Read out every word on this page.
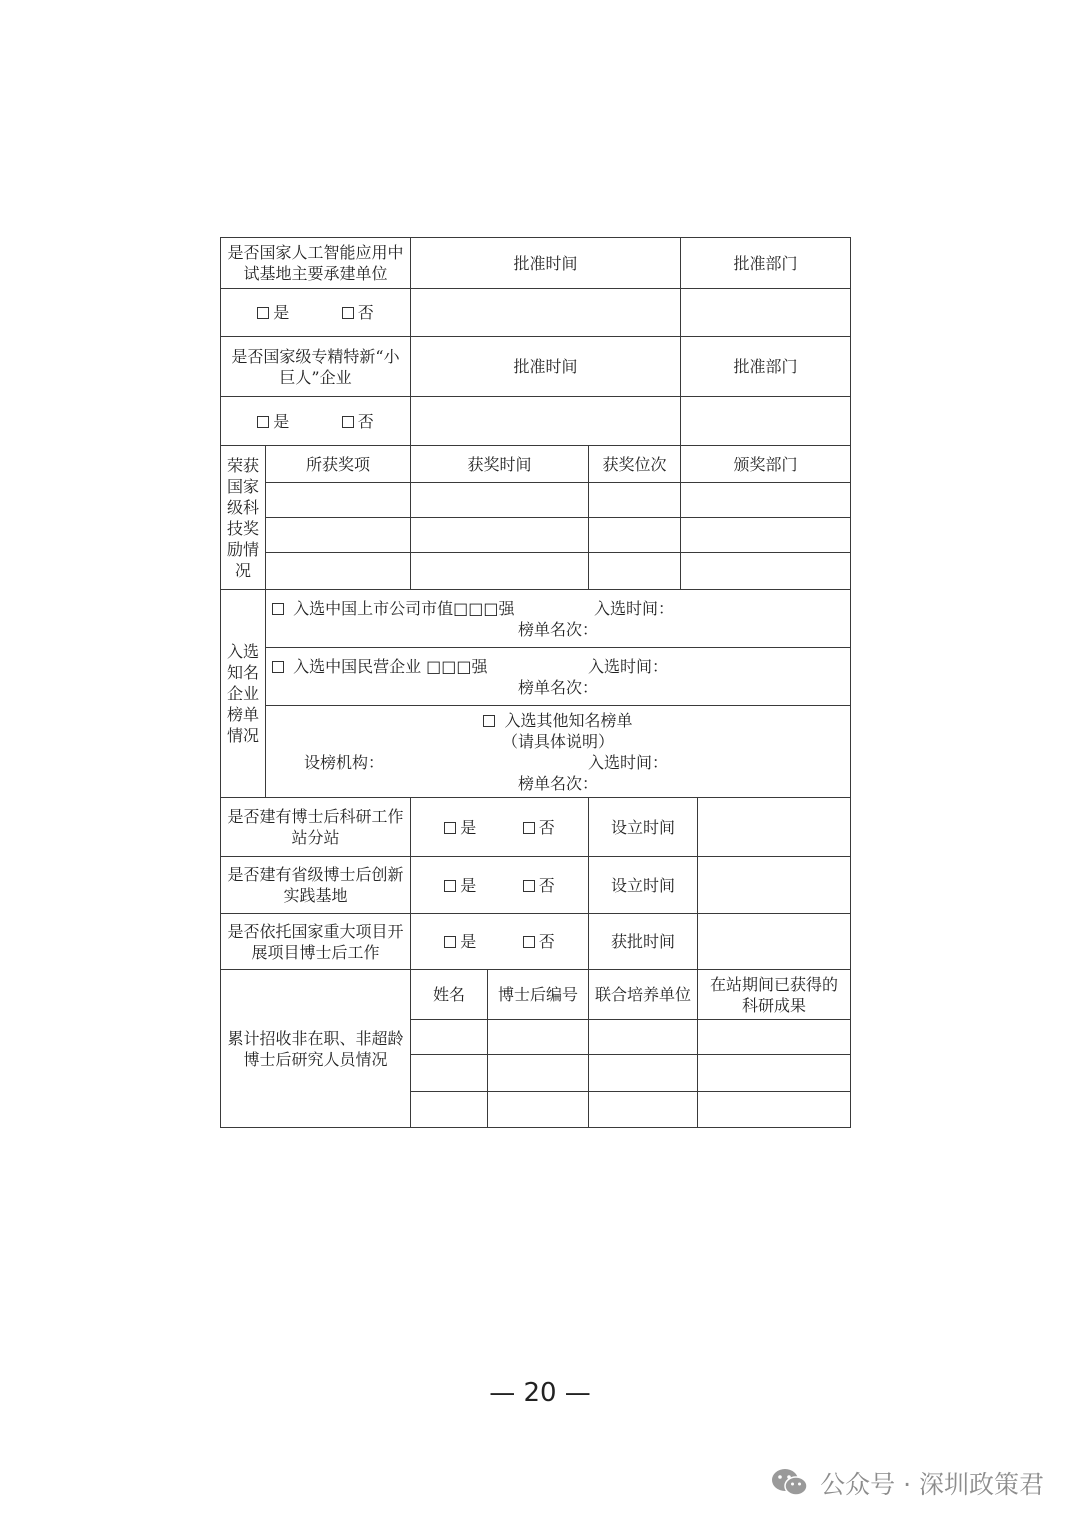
是否国家人工智能应用中试基地主要承建单位		批准时间			批准部门	

是 否						

是否国家级专精特新“小巨人”企业		批准时间			批准部门	

是 否						

荣获国家级科技奖励情况	所获奖项	获奖时间		获奖位次	颁奖部门	

入选知名企业榜单情况	入选中国上市公司市值□□□强 入选时间：
榜单名次：					

	入选中国民营企业 □□□强 入选时间：
榜单名次：					

	入选其他知名榜单
（请具体说明）
设榜机构： 入选时间：
榜单名次：					

是否建有博士后科研工作站分站		是 否		设立时间		
是否建有省级博士后创新实践基地		是 否		设立时间		
是否依托国家重大项目开展项目博士后工作		是 否		获批时间		
累计招收非在职、非超龄博士后研究人员情况		姓名	博士后编号	联合培养单位		在站期间已获得的科研成果

— 20 —
公众号 · 深圳政策君
